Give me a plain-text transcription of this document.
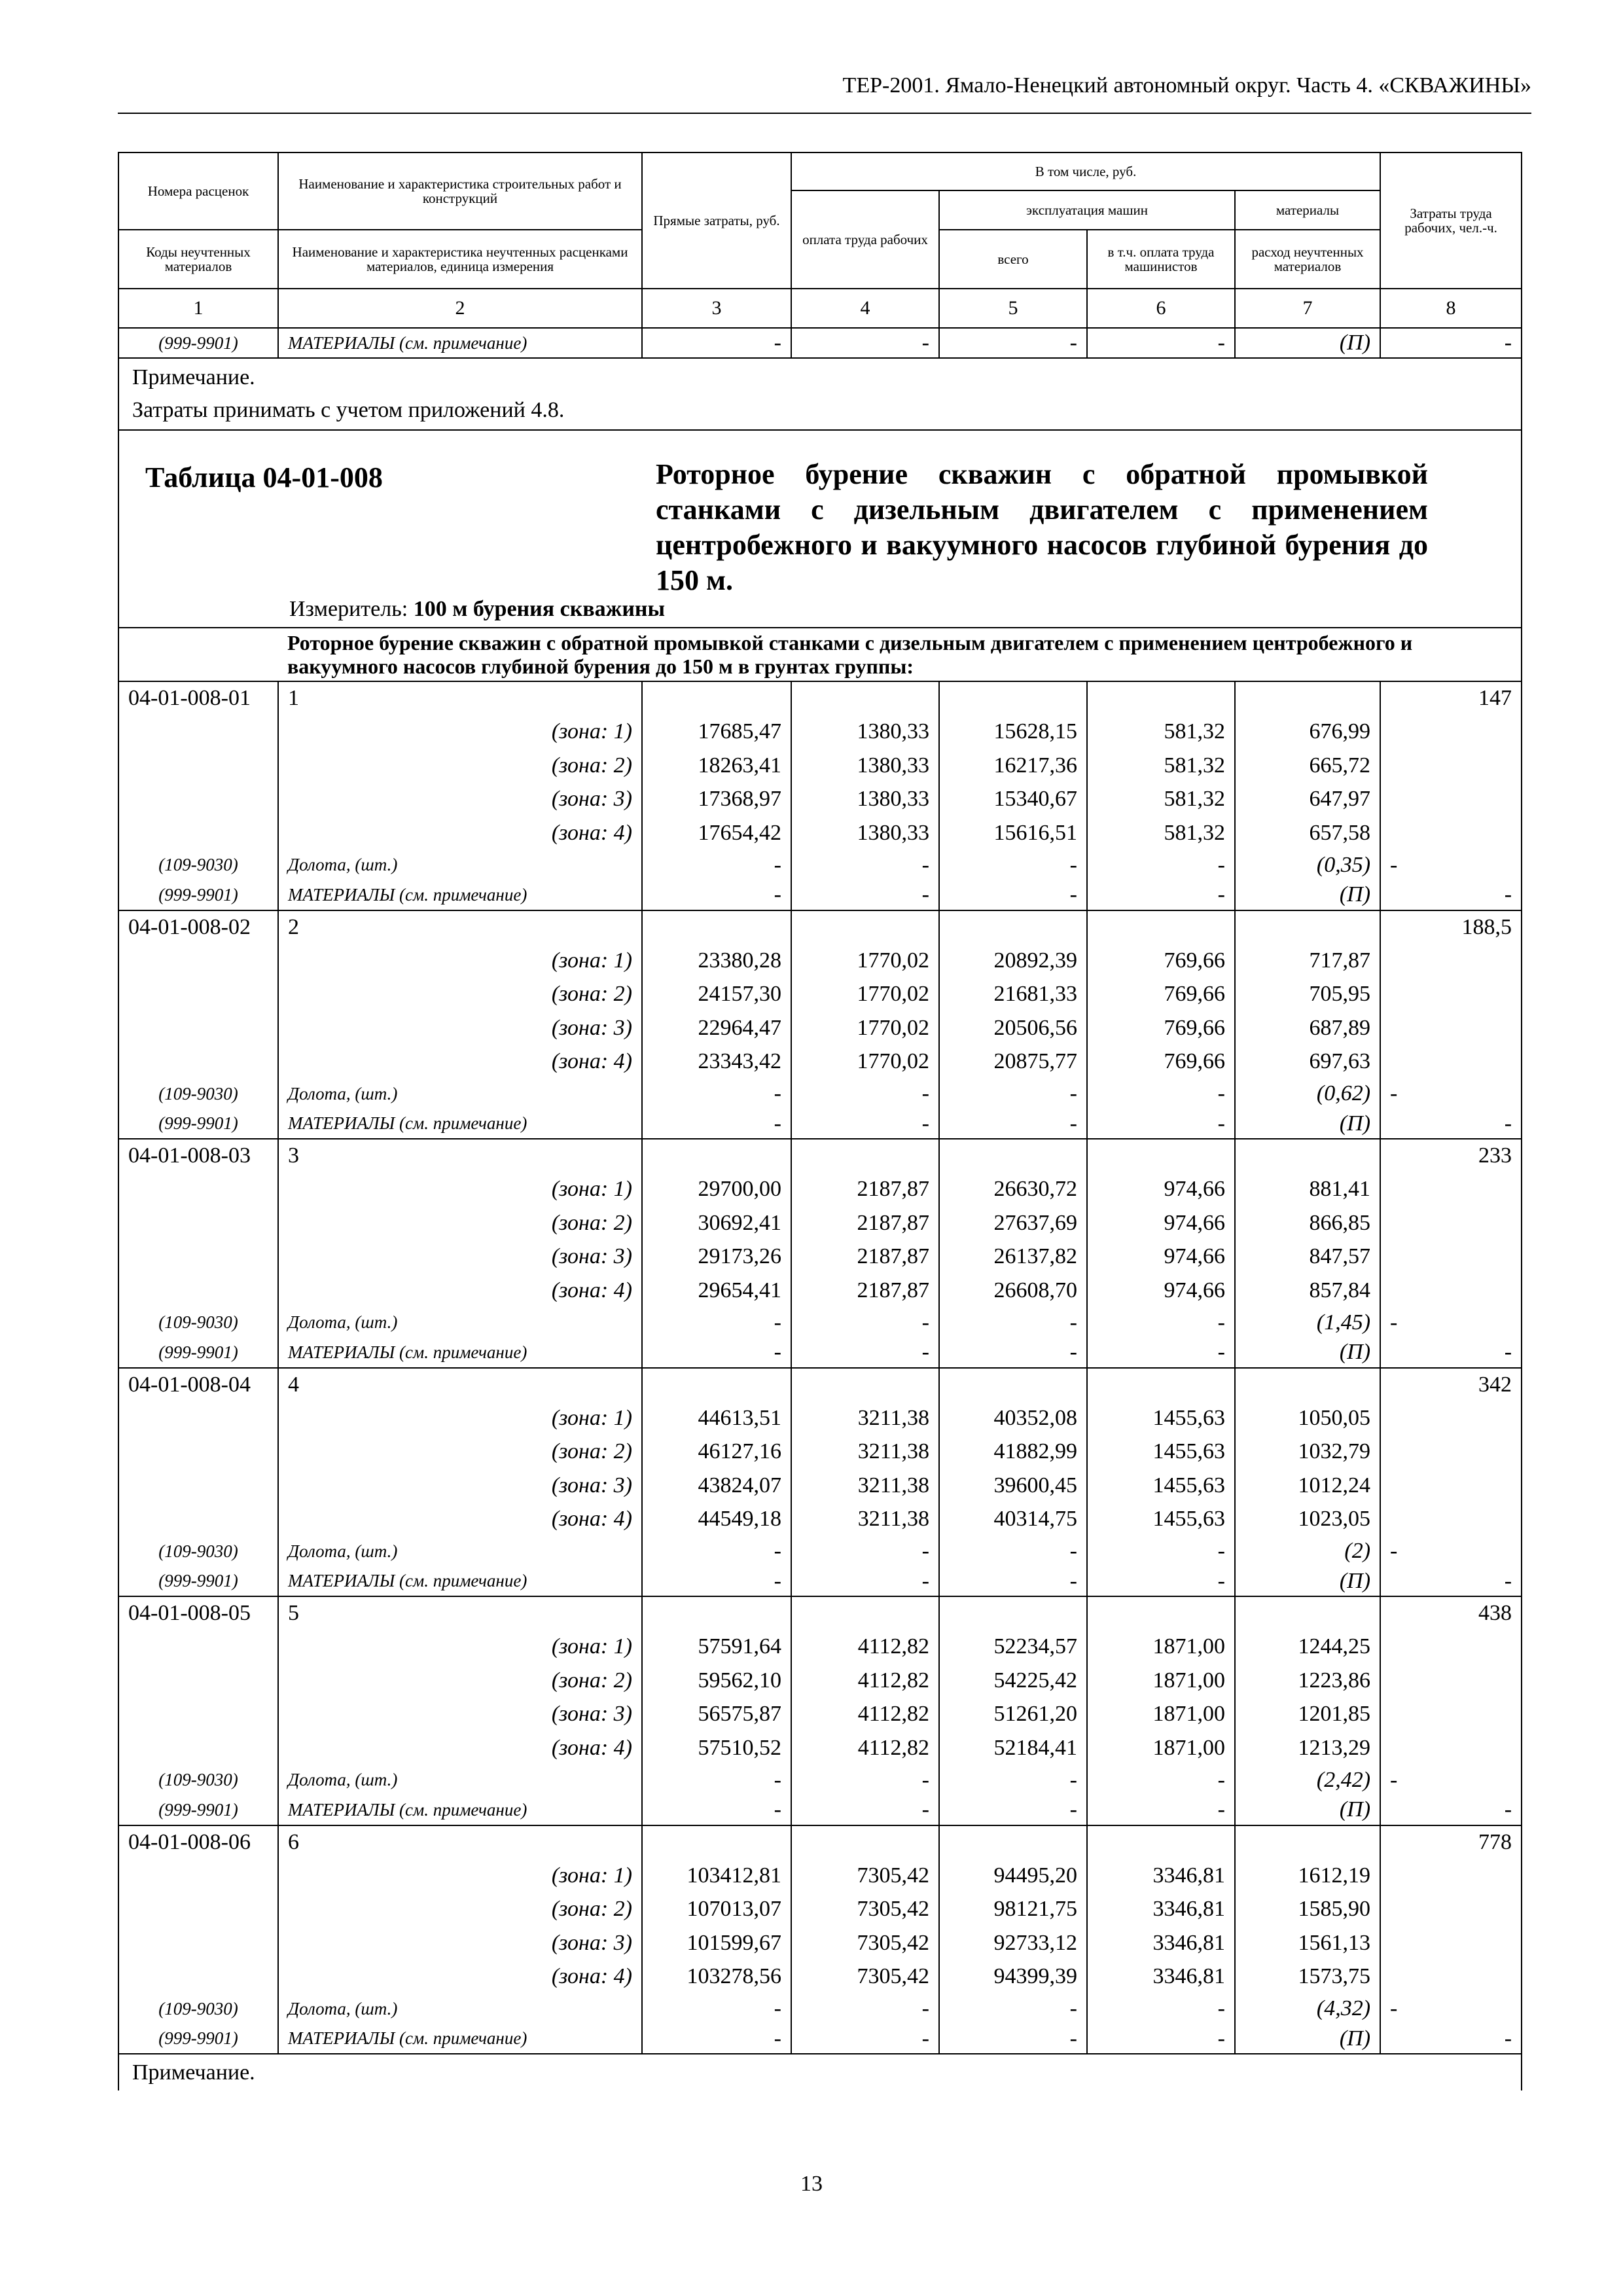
ТЕР-2001. Ямало-Ненецкий автономный округ. Часть 4. «СКВАЖИНЫ»
Номера расценок	Наименование и характеристика строительных работ и конструкций	Прямые затраты, руб.	В том числе, руб.				Затраты труда рабочих, чел.-ч.
			оплата труда рабочих	эксплуатация машин		материалы	
Коды неучтенных материалов	Наименование и характеристика неучтенных расценками материалов, единица измерения			всего	в т.ч. оплата труда машинистов	расход неучтенных материалов	
1	2	3	4	5	6	7	8
(999-9901)	МАТЕРИАЛЫ (см. примечание)	-	-	-	-	(П)	-

Примечание.
Затраты принимать с учетом приложений 4.8.							

Таблица 04-01-008 Роторное бурение скважин с обратной промывкой станками с дизельным двигателем с применением центробежного и вакуумного насосов глубиной бурения до 150 м.
Измеритель: 100 м бурения скважины							

	Роторное бурение скважин с обратной промывкой станками с дизельным двигателем с применением центробежного и вакуумного насосов глубиной бурения до 150 м в грунтах группы:						
04-01-008-01	1						147
	(зона: 1)	17685,47	1380,33	15628,15	581,32	676,99	
	(зона: 2)	18263,41	1380,33	16217,36	581,32	665,72	
	(зона: 3)	17368,97	1380,33	15340,67	581,32	647,97	
	(зона: 4)	17654,42	1380,33	15616,51	581,32	657,58	
(109-9030)	Долота, (шт.)	-	-	-	-	(0,35)	-
(999-9901)	МАТЕРИАЛЫ (см. примечание)	-	-	-	-	(П)	-
04-01-008-02	2						188,5
	(зона: 1)	23380,28	1770,02	20892,39	769,66	717,87	
	(зона: 2)	24157,30	1770,02	21681,33	769,66	705,95	
	(зона: 3)	22964,47	1770,02	20506,56	769,66	687,89	
	(зона: 4)	23343,42	1770,02	20875,77	769,66	697,63	
(109-9030)	Долота, (шт.)	-	-	-	-	(0,62)	-
(999-9901)	МАТЕРИАЛЫ (см. примечание)	-	-	-	-	(П)	-
04-01-008-03	3						233
	(зона: 1)	29700,00	2187,87	26630,72	974,66	881,41	
	(зона: 2)	30692,41	2187,87	27637,69	974,66	866,85	
	(зона: 3)	29173,26	2187,87	26137,82	974,66	847,57	
	(зона: 4)	29654,41	2187,87	26608,70	974,66	857,84	
(109-9030)	Долота, (шт.)	-	-	-	-	(1,45)	-
(999-9901)	МАТЕРИАЛЫ (см. примечание)	-	-	-	-	(П)	-
04-01-008-04	4						342
	(зона: 1)	44613,51	3211,38	40352,08	1455,63	1050,05	
	(зона: 2)	46127,16	3211,38	41882,99	1455,63	1032,79	
	(зона: 3)	43824,07	3211,38	39600,45	1455,63	1012,24	
	(зона: 4)	44549,18	3211,38	40314,75	1455,63	1023,05	
(109-9030)	Долота, (шт.)	-	-	-	-	(2)	-
(999-9901)	МАТЕРИАЛЫ (см. примечание)	-	-	-	-	(П)	-
04-01-008-05	5						438
	(зона: 1)	57591,64	4112,82	52234,57	1871,00	1244,25	
	(зона: 2)	59562,10	4112,82	54225,42	1871,00	1223,86	
	(зона: 3)	56575,87	4112,82	51261,20	1871,00	1201,85	
	(зона: 4)	57510,52	4112,82	52184,41	1871,00	1213,29	
(109-9030)	Долота, (шт.)	-	-	-	-	(2,42)	-
(999-9901)	МАТЕРИАЛЫ (см. примечание)	-	-	-	-	(П)	-
04-01-008-06	6						778
	(зона: 1)	103412,81	7305,42	94495,20	3346,81	1612,19	
	(зона: 2)	107013,07	7305,42	98121,75	3346,81	1585,90	
	(зона: 3)	101599,67	7305,42	92733,12	3346,81	1561,13	
	(зона: 4)	103278,56	7305,42	94399,39	3346,81	1573,75	
(109-9030)	Долота, (шт.)	-	-	-	-	(4,32)	-
(999-9901)	МАТЕРИАЛЫ (см. примечание)	-	-	-	-	(П)	-
Примечание.							
13
